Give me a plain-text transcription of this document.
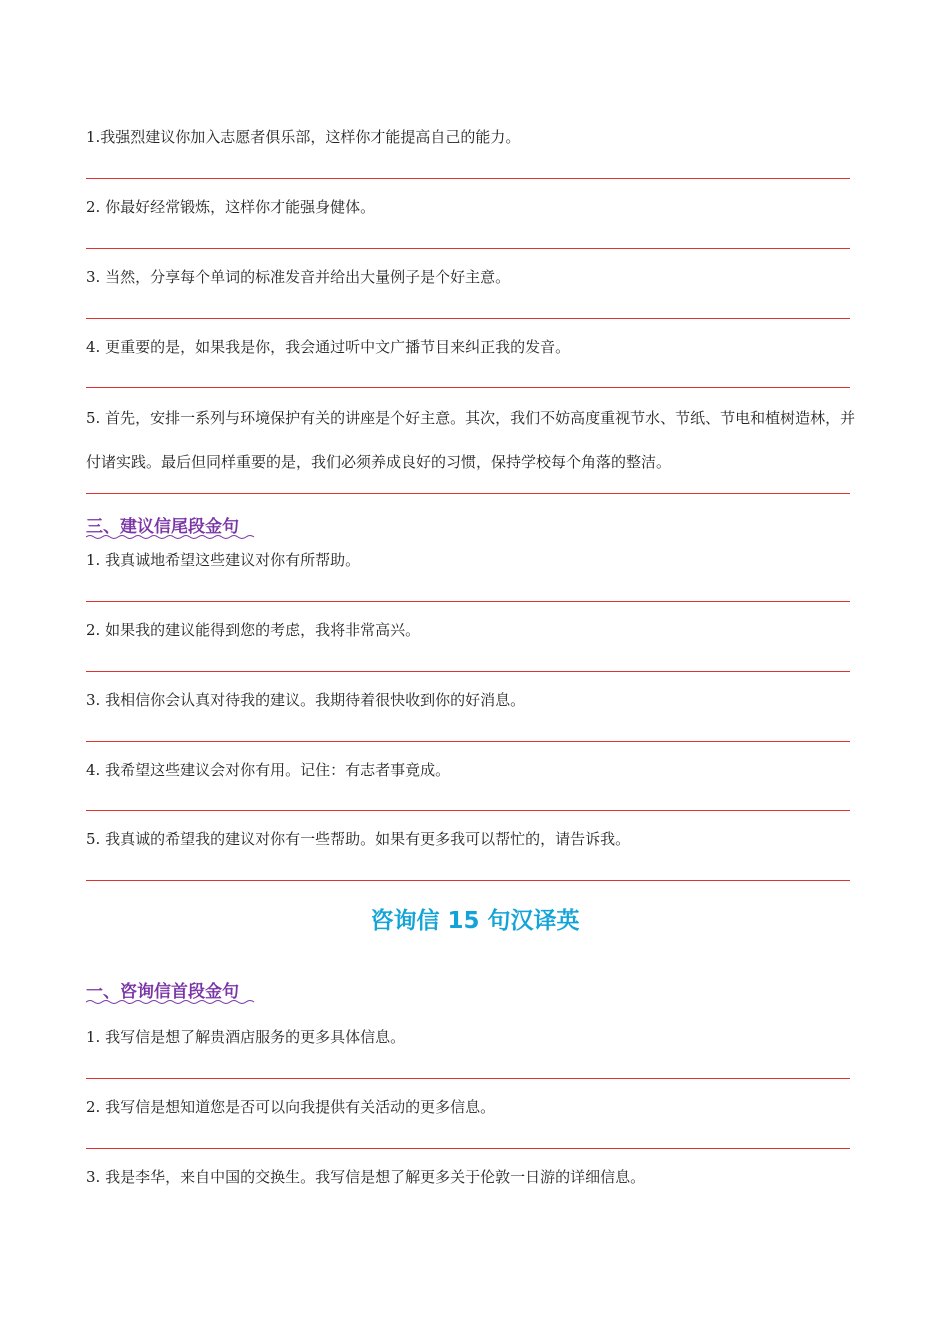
1.我强烈建议你加入志愿者俱乐部，这样你才能提高自己的能力。

2. 你最好经常锻炼，这样你才能强身健体。

3. 当然，分享每个单词的标准发音并给出大量例子是个好主意。

4. 更重要的是，如果我是你，我会通过听中文广播节目来纠正我的发音。

5. 首先，安排一系列与环境保护有关的讲座是个好主意。其次，我们不妨高度重视节水、节纸、节电和植树造林，并付诸实践。最后但同样重要的是，我们必须养成良好的习惯，保持学校每个角落的整洁。

三、建议信尾段金句

1. 我真诚地希望这些建议对你有所帮助。

2. 如果我的建议能得到您的考虑，我将非常高兴。

3. 我相信你会认真对待我的建议。我期待着很快收到你的好消息。

4. 我希望这些建议会对你有用。记住：有志者事竟成。

5. 我真诚的希望我的建议对你有一些帮助。如果有更多我可以帮忙的，请告诉我。

咨询信 15 句汉译英

一、咨询信首段金句

1. 我写信是想了解贵酒店服务的更多具体信息。

2. 我写信是想知道您是否可以向我提供有关活动的更多信息。

3. 我是李华，来自中国的交换生。我写信是想了解更多关于伦敦一日游的详细信息。
